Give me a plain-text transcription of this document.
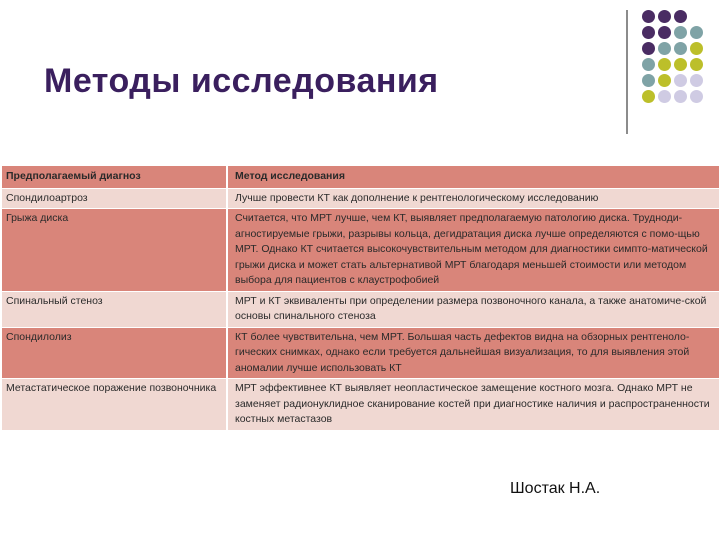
Методы исследования
Предполагаемый диагноз	Метод исследования
Спондилоартроз	Лучше провести КТ как дополнение к рентгенологическому исследованию
Грыжа диска	Считается, что МРТ лучше, чем КТ, выявляет предполагаемую патологию диска. Трудноди-агностируемые грыжи, разрывы кольца, дегидратация диска лучше определяются с помо-щью МРТ. Однако КТ считается высокочувствительным методом для диагностики симпто-матической грыжи диска и может стать альтернативой МРТ благодаря меньшей стоимости или методом выбора для пациентов с клаустрофобией
Спинальный стеноз	МРТ и КТ эквиваленты при определении размера позвоночного канала, а также анатомиче-ской основы спинального стеноза
Спондилолиз	КТ более чувствительна, чем МРТ. Большая часть дефектов видна на обзорных рентгеноло-гических снимках, однако если требуется дальнейшая визуализация, то для выявления этой аномалии лучше использовать КТ
Метастатическое поражение позвоночника	МРТ эффективнее КТ выявляет неопластическое замещение костного мозга. Однако МРТ не заменяет радионуклидное сканирование костей при диагностике наличия и распространенности костных метастазов
Шостак Н.А.
